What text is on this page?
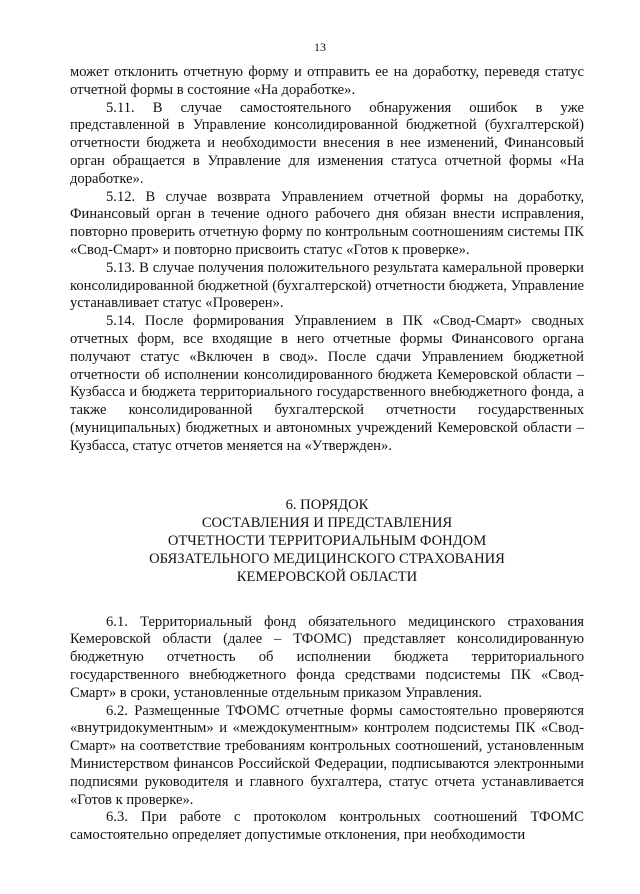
13

может отклонить отчетную форму и отправить ее на доработку, переведя статус отчетной формы в состояние «На доработке».

5.11. В случае самостоятельного обнаружения ошибок в уже представленной в Управление консолидированной бюджетной (бухгалтерской) отчетности бюджета и необходимости внесения в нее изменений, Финансовый орган обращается в Управление для изменения статуса отчетной формы «На доработке».

5.12. В случае возврата Управлением отчетной формы на доработку, Финансовый орган в течение одного рабочего дня обязан внести исправления, повторно проверить отчетную форму по контрольным соотношениям системы ПК «Свод-Смарт» и повторно присвоить статус «Готов к проверке».

5.13. В случае получения положительного результата камеральной проверки консолидированной бюджетной (бухгалтерской) отчетности бюджета, Управление устанавливает статус «Проверен».

5.14. После формирования Управлением в ПК «Свод-Смарт» сводных отчетных форм, все входящие в него отчетные формы Финансового органа получают статус «Включен в свод». После сдачи Управлением бюджетной отчетности об исполнении консолидированного бюджета Кемеровской области – Кузбасса и бюджета территориального государственного внебюджетного фонда, а также консолидированной бухгалтерской отчетности государственных (муниципальных) бюджетных и автономных учреждений Кемеровской области – Кузбасса, статус отчетов меняется на «Утвержден».

6. ПОРЯДОК
СОСТАВЛЕНИЯ И ПРЕДСТАВЛЕНИЯ
ОТЧЕТНОСТИ ТЕРРИТОРИАЛЬНЫМ ФОНДОМ
ОБЯЗАТЕЛЬНОГО МЕДИЦИНСКОГО СТРАХОВАНИЯ
КЕМЕРОВСКОЙ ОБЛАСТИ

6.1. Территориальный фонд обязательного медицинского страхования Кемеровской области (далее – ТФОМС) представляет консолидированную бюджетную отчетность об исполнении бюджета территориального государственного внебюджетного фонда средствами подсистемы ПК «Свод-Смарт» в сроки, установленные отдельным приказом Управления.

6.2. Размещенные ТФОМС отчетные формы самостоятельно проверяются «внутридокументным» и «междокументным» контролем подсистемы ПК «Свод-Смарт» на соответствие требованиям контрольных соотношений, установленным Министерством финансов Российской Федерации, подписываются электронными подписями руководителя и главного бухгалтера, статус отчета устанавливается «Готов к проверке».

6.3. При работе с протоколом контрольных соотношений ТФОМС самостоятельно определяет допустимые отклонения, при необходимости
